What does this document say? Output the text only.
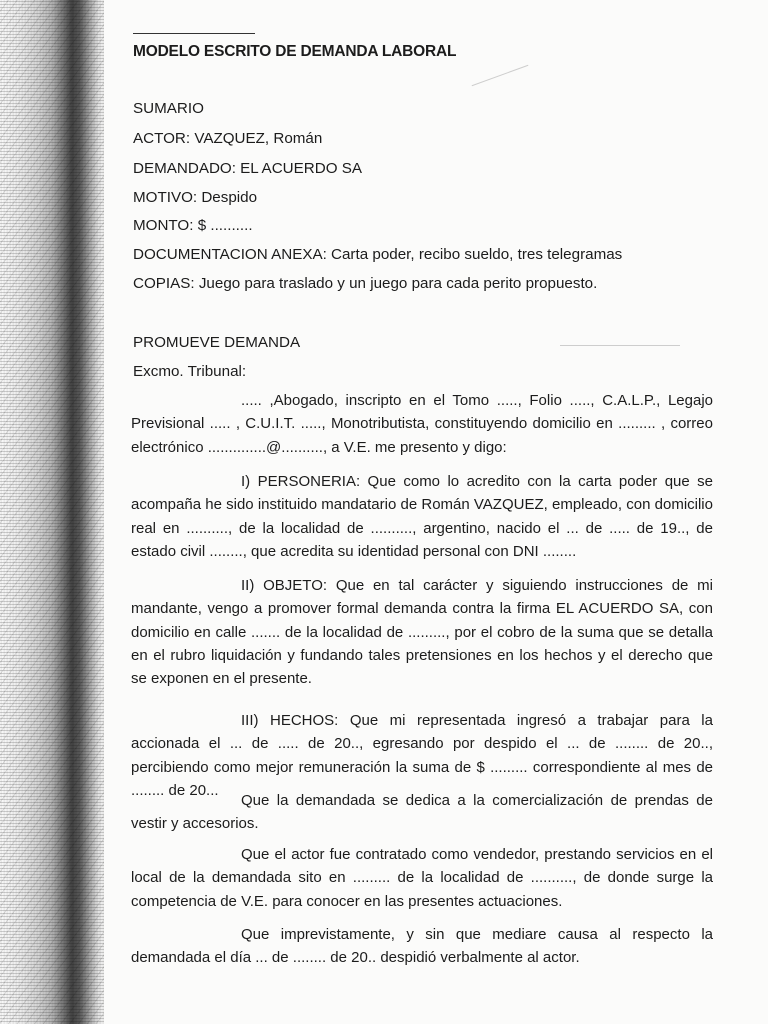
MODELO ESCRITO DE DEMANDA LABORAL
SUMARIO
ACTOR: VAZQUEZ, Román
DEMANDADO: EL ACUERDO SA
MOTIVO: Despido
MONTO: $ ..........
DOCUMENTACION ANEXA: Carta poder, recibo sueldo, tres telegramas
COPIAS: Juego para traslado y un juego para cada perito propuesto.
PROMUEVE DEMANDA
Excmo. Tribunal:
..... ,Abogado, inscripto en el Tomo ....., Folio ....., C.A.L.P., Legajo Previsional ..... , C.U.I.T. ....., Monotributista, constituyendo domicilio en ......... , correo electrónico ..............@.........., a V.E. me presento y digo:
I) PERSONERIA: Que como lo acredito con la carta poder que se acompaña he sido instituido mandatario de Román VAZQUEZ, empleado, con domicilio real en .........., de la localidad de .........., argentino, nacido el ... de ..... de 19.., de estado civil ........, que acredita su identidad personal con DNI ........
II) OBJETO: Que en tal carácter y siguiendo instrucciones de mi mandante, vengo a promover formal demanda contra la firma EL ACUERDO SA, con domicilio en calle ....... de la localidad de ........., por el cobro de la suma que se detalla en el rubro liquidación y fundando tales pretensiones en los hechos y el derecho que se exponen en el presente.
III) HECHOS: Que mi representada ingresó a trabajar para la accionada el ... de ..... de 20.., egresando por despido el ... de ........ de 20.., percibiendo como mejor remuneración la suma de $ ......... correspondiente al mes de ........ de 20...
Que la demandada se dedica a la comercialización de prendas de vestir y accesorios.
Que el actor fue contratado como vendedor, prestando servicios en el local de la demandada sito en ......... de la localidad de .........., de donde surge la competencia de V.E. para conocer en las presentes actuaciones.
Que imprevistamente, y sin que mediare causa al respecto la demandada el día ... de ........ de 20.. despidió verbalmente al actor.
